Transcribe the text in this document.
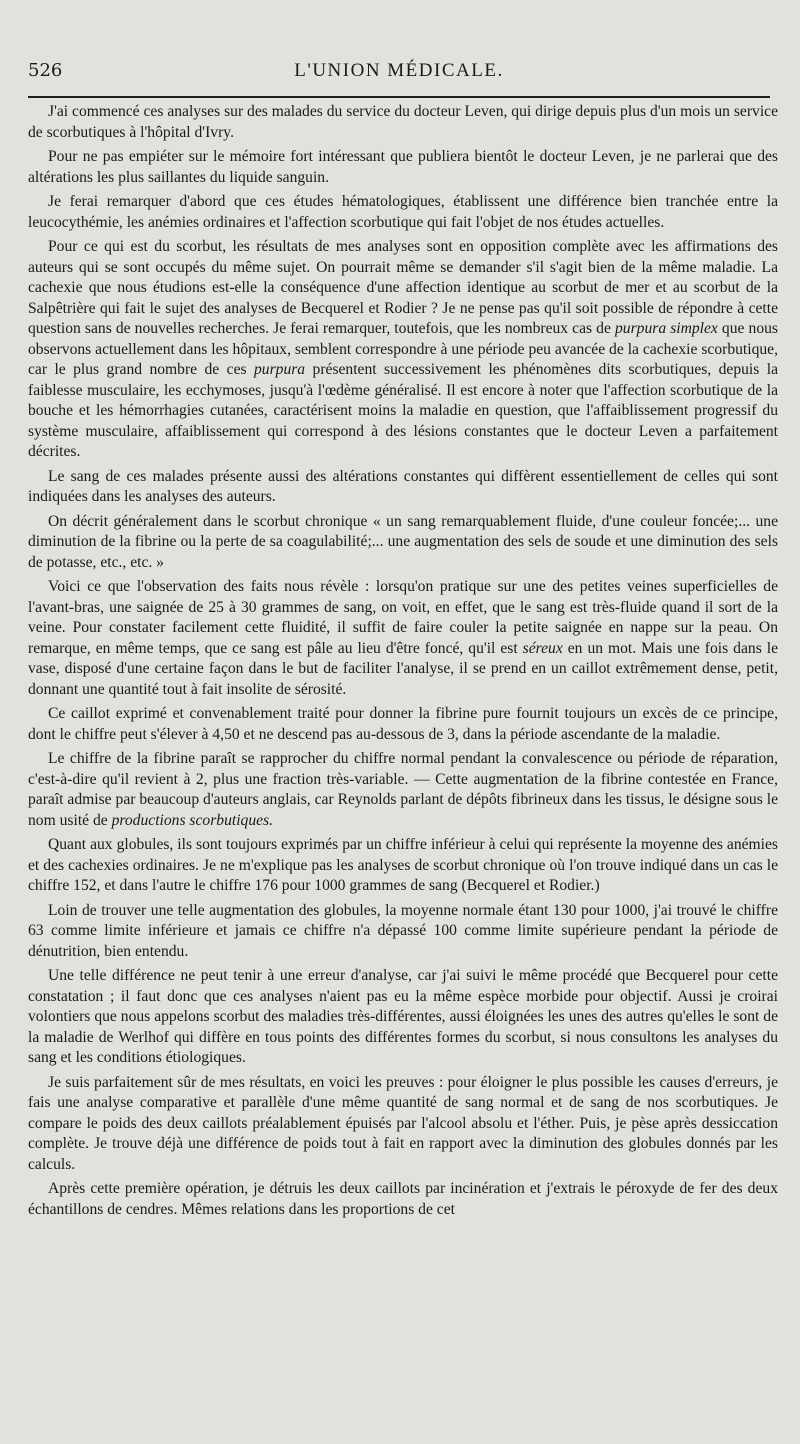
526	L'UNION MÉDICALE.

J'ai commencé ces analyses sur des malades du service du docteur Leven, qui dirige depuis plus d'un mois un service de scorbutiques à l'hôpital d'Ivry.

Pour ne pas empiéter sur le mémoire fort intéressant que publiera bientôt le docteur Leven, je ne parlerai que des altérations les plus saillantes du liquide sanguin.

Je ferai remarquer d'abord que ces études hématologiques, établissent une différence bien tranchée entre la leucocythémie, les anémies ordinaires et l'affection scorbutique qui fait l'objet de nos études actuelles.

Pour ce qui est du scorbut, les résultats de mes analyses sont en opposition complète avec les affirmations des auteurs qui se sont occupés du même sujet. On pourrait même se demander s'il s'agit bien de la même maladie. La cachexie que nous étudions est-elle la conséquence d'une affection identique au scorbut de mer et au scorbut de la Salpêtrière qui fait le sujet des analyses de Becquerel et Rodier ? Je ne pense pas qu'il soit possible de répondre à cette question sans de nouvelles recherches. Je ferai remarquer, toutefois, que les nombreux cas de purpura simplex que nous observons actuellement dans les hôpitaux, semblent correspondre à une période peu avancée de la cachexie scorbutique, car le plus grand nombre de ces purpura présentent successivement les phénomènes dits scorbutiques, depuis la faiblesse musculaire, les ecchymoses, jusqu'à l'œdème généralisé. Il est encore à noter que l'affection scorbutique de la bouche et les hémorrhagies cutanées, caractérisent moins la maladie en question, que l'affaiblissement progressif du système musculaire, affaiblissement qui correspond à des lésions constantes que le docteur Leven a parfaitement décrites.

Le sang de ces malades présente aussi des altérations constantes qui diffèrent essentiellement de celles qui sont indiquées dans les analyses des auteurs.

On décrit généralement dans le scorbut chronique « un sang remarquablement fluide, d'une couleur foncée;... une diminution de la fibrine ou la perte de sa coagulabilité;... une augmentation des sels de soude et une diminution des sels de potasse, etc., etc. »

Voici ce que l'observation des faits nous révèle : lorsqu'on pratique sur une des petites veines superficielles de l'avant-bras, une saignée de 25 à 30 grammes de sang, on voit, en effet, que le sang est très-fluide quand il sort de la veine. Pour constater facilement cette fluidité, il suffit de faire couler la petite saignée en nappe sur la peau. On remarque, en même temps, que ce sang est pâle au lieu d'être foncé, qu'il est séreux en un mot. Mais une fois dans le vase, disposé d'une certaine façon dans le but de faciliter l'analyse, il se prend en un caillot extrêmement dense, petit, donnant une quantité tout à fait insolite de sérosité.

Ce caillot exprimé et convenablement traité pour donner la fibrine pure fournit toujours un excès de ce principe, dont le chiffre peut s'élever à 4,50 et ne descend pas au-dessous de 3, dans la période ascendante de la maladie.

Le chiffre de la fibrine paraît se rapprocher du chiffre normal pendant la convalescence ou période de réparation, c'est-à-dire qu'il revient à 2, plus une fraction très-variable. — Cette augmentation de la fibrine contestée en France, paraît admise par beaucoup d'auteurs anglais, car Reynolds parlant de dépôts fibrineux dans les tissus, le désigne sous le nom usité de productions scorbutiques.

Quant aux globules, ils sont toujours exprimés par un chiffre inférieur à celui qui représente la moyenne des anémies et des cachexies ordinaires. Je ne m'explique pas les analyses de scorbut chronique où l'on trouve indiqué dans un cas le chiffre 152, et dans l'autre le chiffre 176 pour 1000 grammes de sang (Becquerel et Rodier.)

Loin de trouver une telle augmentation des globules, la moyenne normale étant 130 pour 1000, j'ai trouvé le chiffre 63 comme limite inférieure et jamais ce chiffre n'a dépassé 100 comme limite supérieure pendant la période de dénutrition, bien entendu.

Une telle différence ne peut tenir à une erreur d'analyse, car j'ai suivi le même procédé que Becquerel pour cette constatation ; il faut donc que ces analyses n'aient pas eu la même espèce morbide pour objectif. Aussi je croirai volontiers que nous appelons scorbut des maladies très-différentes, aussi éloignées les unes des autres qu'elles le sont de la maladie de Werlhof qui diffère en tous points des différentes formes du scorbut, si nous consultons les analyses du sang et les conditions étiologiques.

Je suis parfaitement sûr de mes résultats, en voici les preuves : pour éloigner le plus possible les causes d'erreurs, je fais une analyse comparative et parallèle d'une même quantité de sang normal et de sang de nos scorbutiques. Je compare le poids des deux caillots préalablement épuisés par l'alcool absolu et l'éther. Puis, je pèse après dessiccation complète. Je trouve déjà une différence de poids tout à fait en rapport avec la diminution des globules donnés par les calculs.

Après cette première opération, je détruis les deux caillots par incinération et j'extrais le péroxyde de fer des deux échantillons de cendres. Mêmes relations dans les proportions de cet
